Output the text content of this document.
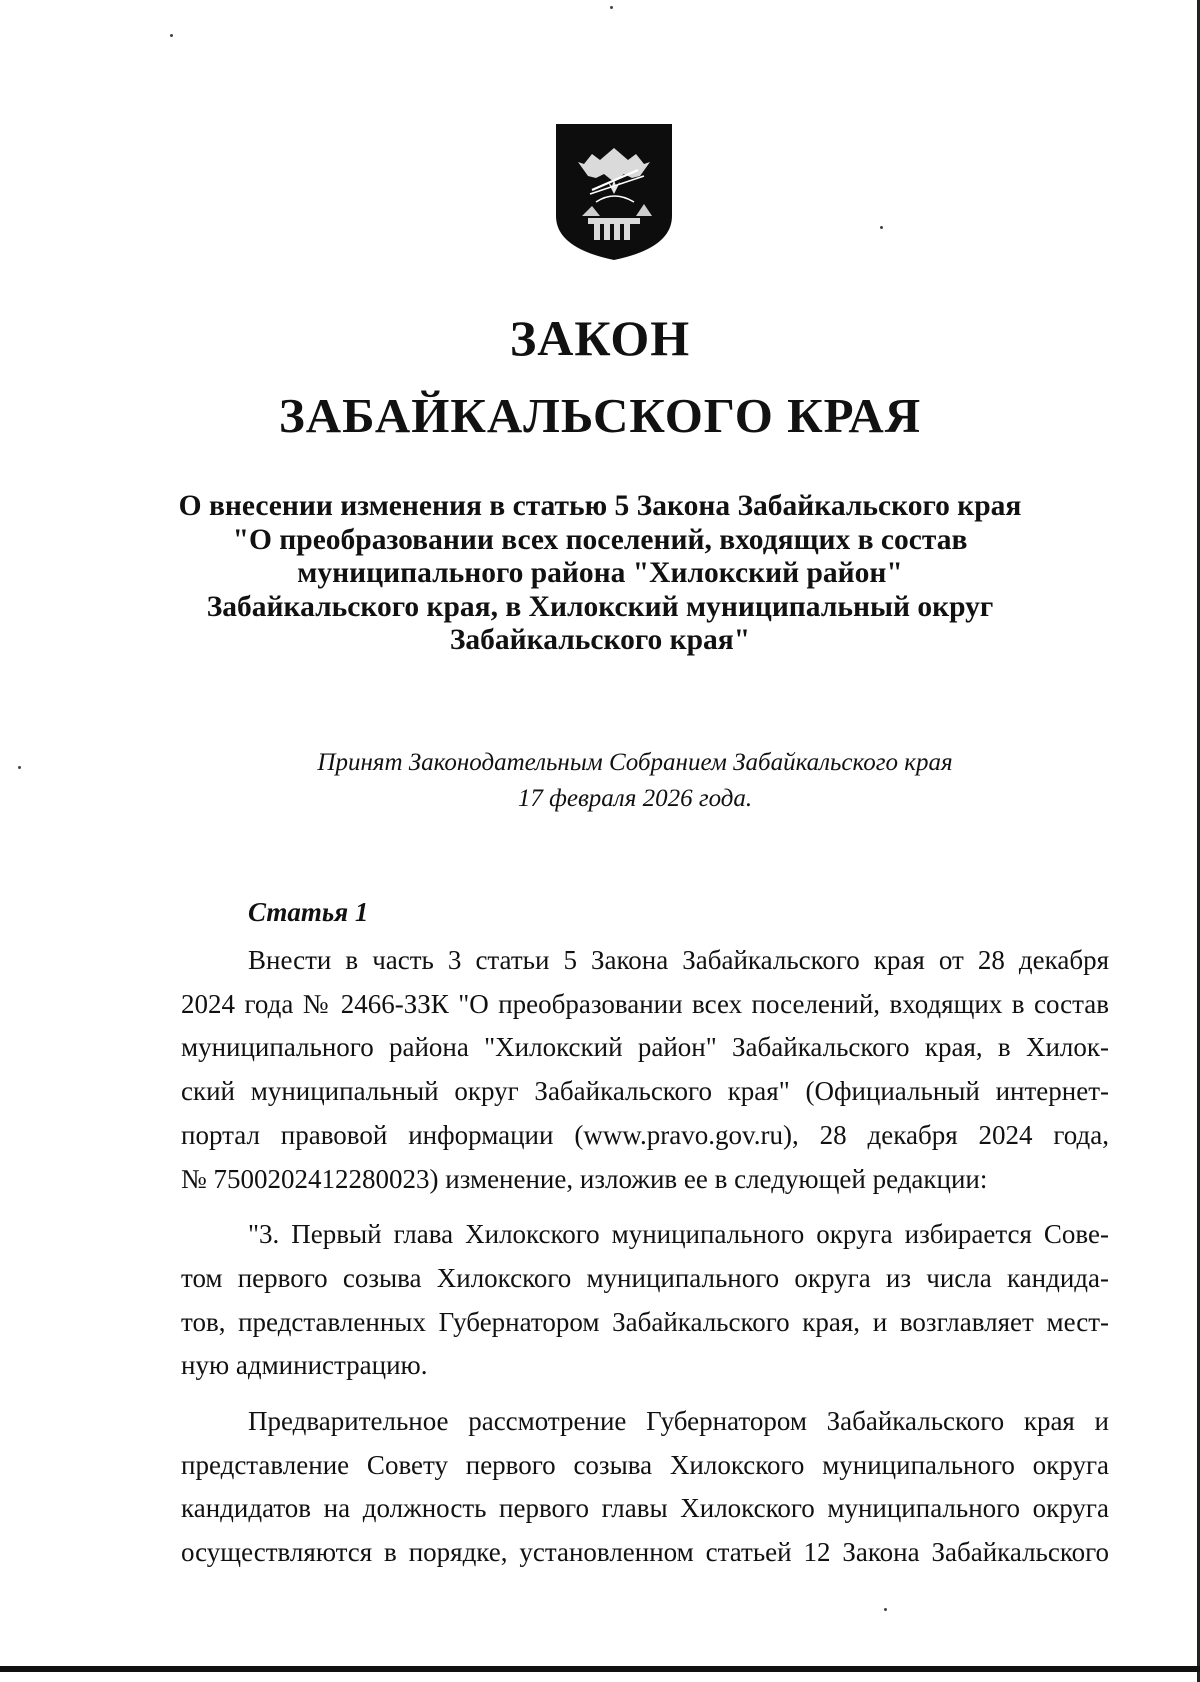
ЗАКОН
ЗАБАЙКАЛЬСКОГО КРАЯ
О внесении изменения в статью 5 Закона Забайкальского края
"О преобразовании всех поселений, входящих в состав
муниципального района "Хилокский район"
Забайкальского края, в Хилокский муниципальный округ
Забайкальского края"
Принят Законодательным Собранием Забайкальского края
17 февраля 2026 года.
Статья 1

Внести в часть 3 статьи 5 Закона Забайкальского края от 28 декабря
2024 года № 2466-ЗЗК "О преобразовании всех поселений, входящих в состав
муниципального района "Хилокский район" Забайкальского края, в Хилок-
ский муниципальный округ Забайкальского края" (Официальный интернет-
портал правовой информации (www.pravo.gov.ru), 28 декабря 2024 года,
№ 7500202412280023) изменение, изложив ее в следующей редакции:

"3. Первый глава Хилокского муниципального округа избирается Сове-
том первого созыва Хилокского муниципального округа из числа кандида-
тов, представленных Губернатором Забайкальского края, и возглавляет мест-
ную администрацию.

Предварительное рассмотрение Губернатором Забайкальского края и
представление Совету первого созыва Хилокского муниципального округа
кандидатов на должность первого главы Хилокского муниципального округа
осуществляются в порядке, установленном статьей 12 Закона Забайкальского
